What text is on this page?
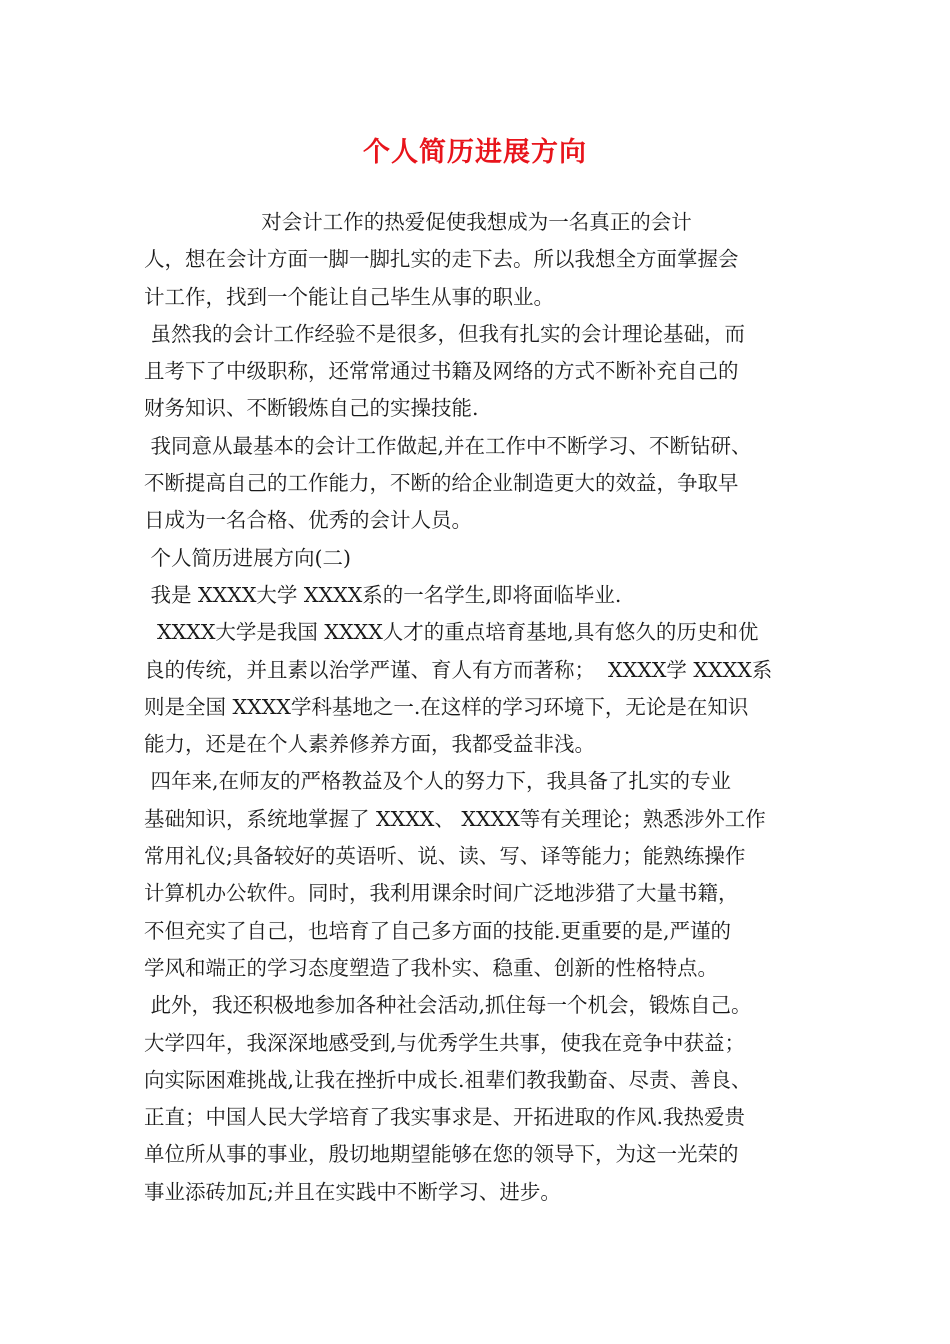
个人简历进展方向
对会计工作的热爱促使我想成为一名真正的会计
人，想在会计方面一脚一脚扎实的走下去。所以我想全方面掌握会
计工作，找到一个能让自己毕生从事的职业。
虽然我的会计工作经验不是很多，但我有扎实的会计理论基础，而
且考下了中级职称，还常常通过书籍及网络的方式不断补充自己的
财务知识、不断锻炼自己的实操技能.
我同意从最基本的会计工作做起,并在工作中不断学习、不断钻研、
不断提高自己的工作能力，不断的给企业制造更大的效益，争取早
日成为一名合格、优秀的会计人员。
个人简历进展方向(二)
我是 XXXX大学 XXXX系的一名学生,即将面临毕业.
XXXX大学是我国 XXXX人才的重点培育基地,具有悠久的历史和优
良的传统，并且素以治学严谨、育人有方而著称；  XXXX学 XXXX系
则是全国 XXXX学科基地之一.在这样的学习环境下，无论是在知识
能力，还是在个人素养修养方面，我都受益非浅。
四年来,在师友的严格教益及个人的努力下，我具备了扎实的专业
基础知识，系统地掌握了 XXXX、 XXXX等有关理论；熟悉涉外工作
常用礼仪;具备较好的英语听、说、读、写、译等能力；能熟练操作
计算机办公软件。同时，我利用课余时间广泛地涉猎了大量书籍，
不但充实了自己，也培育了自己多方面的技能.更重要的是,严谨的
学风和端正的学习态度塑造了我朴实、稳重、创新的性格特点。
此外，我还积极地参加各种社会活动,抓住每一个机会，锻炼自己。
大学四年，我深深地感受到,与优秀学生共事，使我在竞争中获益；
向实际困难挑战,让我在挫折中成长.祖辈们教我勤奋、尽责、善良、
正直；中国人民大学培育了我实事求是、开拓进取的作风.我热爱贵
单位所从事的事业，殷切地期望能够在您的领导下，为这一光荣的
事业添砖加瓦;并且在实践中不断学习、进步。
